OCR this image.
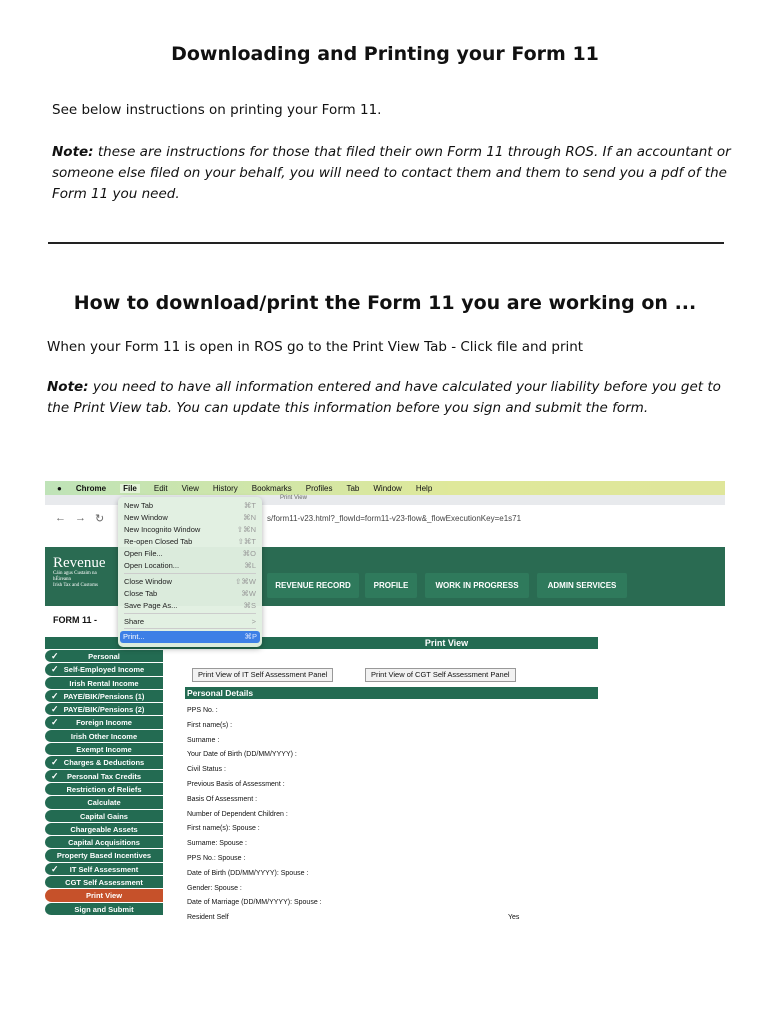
Downloading and Printing your Form 11
See below instructions on printing your Form 11.
Note: these are instructions for those that filed their own Form 11 through ROS. If an accountant or someone else filed on your behalf, you will need to contact them and them to send you a pdf of the Form 11 you need.
How to download/print the Form 11 you are working on ...
When your Form 11 is open in ROS go to the Print View Tab - Click file and print
Note: you need to have all information entered and have calculated your liability before you get to the Print View tab. You can update this information before you sign and submit the form.
● Chrome	File	Edit View History Bookmarks Profiles Tab Window Help
Print View
← → ↻	s/form11-v23.html?_flowId=form11-v23-flow&_flowExecutionKey=e1s71
Revenue
Cáin agus Custaim na hÉireann
Irish Tax and Customs	REVENUE RECORD	PROFILE	WORK IN PROGRESS	ADMIN SERVICES
FORM 11 -
Print View
✓	Personal
✓ Self-Employed Income
Irish Rental Income
✓ PAYE/BIK/Pensions (1)
✓ PAYE/BIK/Pensions (2)
✓ Foreign Income
Irish Other Income
Exempt Income
✓ Charges & Deductions
✓ Personal Tax Credits
Restriction of Reliefs
Calculate
Capital Gains
Chargeable Assets
Capital Acquisitions
Property Based Incentives
✓ IT Self Assessment
CGT Self Assessment
Print View
Sign and Submit
Print View of IT Self Assessment Panel	Print View of CGT Self Assessment Panel
Personal Details
PPS No. :
First name(s) :
Surname :
Your Date of Birth (DD/MM/YYYY) :
Civil Status :
Previous Basis of Assessment :
Basis Of Assessment :
Number of Dependent Children :
First name(s): Spouse :
Surname: Spouse :
PPS No.: Spouse :
Date of Birth (DD/MM/YYYY): Spouse :
Gender: Spouse :
Date of Marriage (DD/MM/YYYY): Spouse :
Resident Self	Yes
New Tab	⌘T
New Window	⌘N
New Incognito Window	⇧⌘N
Re-open Closed Tab	⇧⌘T
Open File...	⌘O
Open Location...	⌘L
Close Window	⇧⌘W
Close Tab	⌘W
Save Page As...	⌘S
Share	>
Print...	⌘P
